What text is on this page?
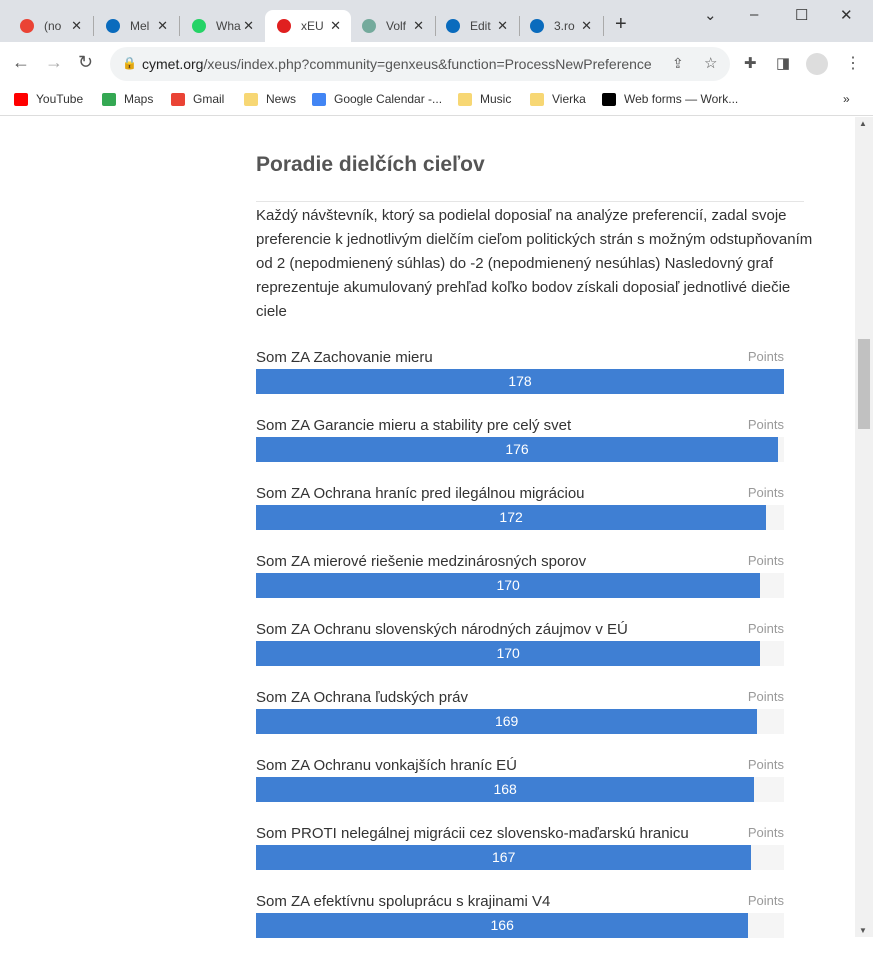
(no ✕	Mel ✕	Wha ✕	xEU ✕	Volf ✕	Edit ✕	3.ro ✕ +	⌄ – ☐ ✕
← → ↻ 🔒 cymet.org/xeus/index.php?community=genxeus&function=ProcessNewPreference ⇪ ☆ ✚ ◨	⋮
YouTube	Maps	Gmail	News	Google Calendar -...	Music	Vierka	Web forms — Work...	»
Poradie dielčích cieľov

Každý návštevník, ktorý sa podielal doposiaľ na analýze preferencií, zadal svoje preferencie k jednotlivým dielčím cieľom politických strán s možným odstupňovaním od 2 (nepodmienený súhlas) do -2 (nepodmienený nesúhlas) Nasledovný graf reprezentuje akumulovaný prehľad koľko bodov získali doposiaľ jednotlivé diečie ciele

Som ZA Zachovanie mieru	Points
178
Som ZA Garancie mieru a stability pre celý svet	Points
176
Som ZA Ochrana hraníc pred ilegálnou migráciou	Points
172
Som ZA mierové riešenie medzinárosných sporov	Points
170
Som ZA Ochranu slovenských národných záujmov v EÚ	Points
170
Som ZA Ochrana ľudských práv	Points
169
Som ZA Ochranu vonkajších hraníc EÚ	Points
168
Som PROTI nelegálnej migrácii cez slovensko-maďarskú hranicu	Points
167
Som ZA efektívnu spoluprácu s krajinami V4	Points
166
▲
▼
